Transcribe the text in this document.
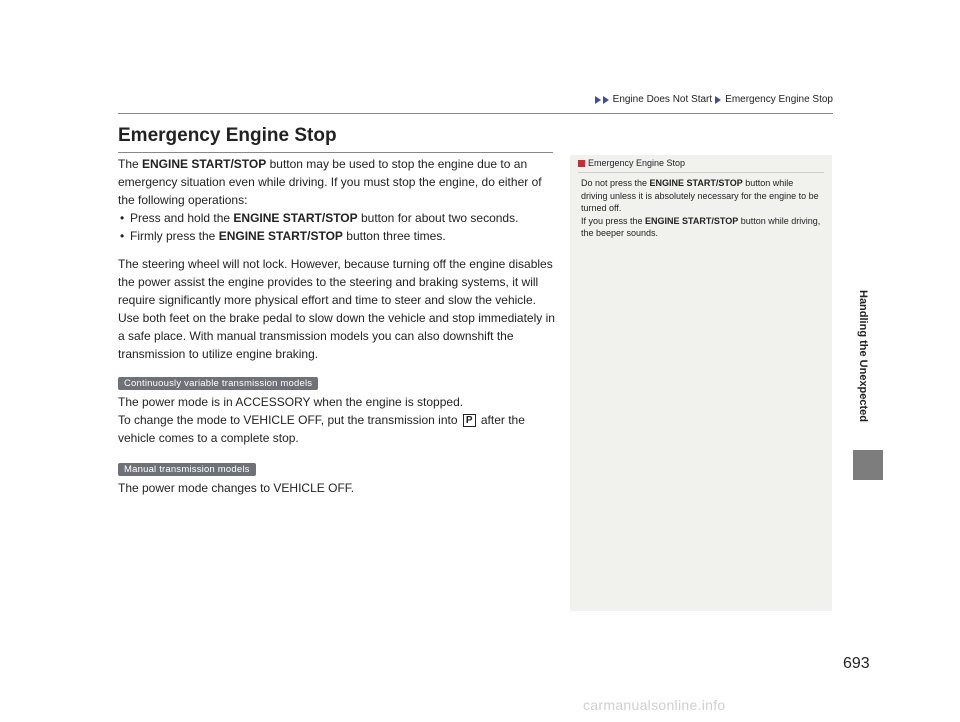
Engine Does Not Start Emergency Engine Stop
Emergency Engine Stop

The ENGINE START/STOP button may be used to stop the engine due to an emergency situation even while driving. If you must stop the engine, do either of the following operations:

• Press and hold the ENGINE START/STOP button for about two seconds.
• Firmly press the ENGINE START/STOP button three times.

The steering wheel will not lock. However, because turning off the engine disables the power assist the engine provides to the steering and braking systems, it will require significantly more physical effort and time to steer and slow the vehicle. Use both feet on the brake pedal to slow down the vehicle and stop immediately in a safe place. With manual transmission models you can also downshift the transmission to utilize engine braking.

Continuously variable transmission models

The power mode is in ACCESSORY when the engine is stopped.

To change the mode to VEHICLE OFF, put the transmission into P after the vehicle comes to a complete stop.

Manual transmission models

The power mode changes to VEHICLE OFF.

Emergency Engine Stop

Do not press the ENGINE START/STOP button while driving unless it is absolutely necessary for the engine to be turned off.

If you press the ENGINE START/STOP button while driving, the beeper sounds.

Handling the Unexpected
693
carmanualsonline.info
